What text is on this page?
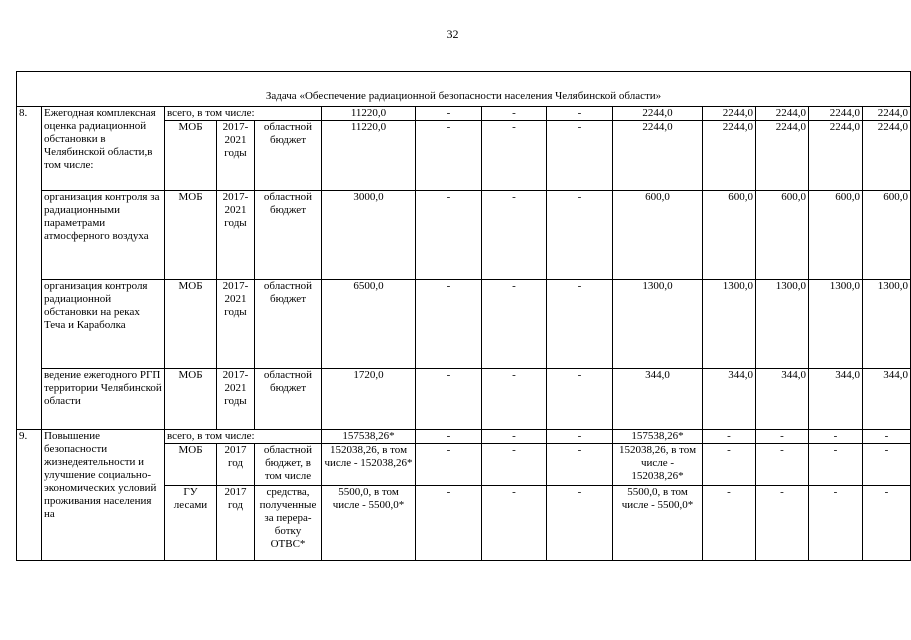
32
Задача «Обеспечение радиационной безопасности населения Челябинской области»													
8.	Ежегодная комплексная оценка радиационной обстановки в Челябинской области,в том числе:	всего, в том числе:			11220,0	-	-	-	2244,0	2244,0	2244,0	2244,0	2244,0
		МОБ	2017-2021 годы	областной бюджет	11220,0	-	-	-	2244,0	2244,0	2244,0	2244,0	2244,0
	организация контроля за радиационными параметрами атмосферного воздуха	МОБ	2017-2021 годы	областной бюджет	3000,0	-	-	-	600,0	600,0	600,0	600,0	600,0
	организация контроля радиационной обстановки на реках Теча и Караболка	МОБ	2017-2021 годы	областной бюджет	6500,0	-	-	-	1300,0	1300,0	1300,0	1300,0	1300,0
	ведение ежегодного РГП территории Челябинской области	МОБ	2017-2021 годы	областной бюджет	1720,0	-	-	-	344,0	344,0	344,0	344,0	344,0
9.	Повышение безопасности жизнедеятельности и улучшение социально-экономических условий проживания населения на	всего, в том числе:			157538,26*	-	-	-	157538,26*	-	-	-	-
		МОБ	2017 год	областной бюджет, в том числе	152038,26, в том числе - 152038,26*	-	-	-	152038,26, в том числе - 152038,26*	-	-	-	-
		ГУ лесами	2017 год	средства, полученные за перера-ботку ОТВС*	5500,0, в том числе - 5500,0*	-	-	-	5500,0, в том числе - 5500,0*	-	-	-	-
